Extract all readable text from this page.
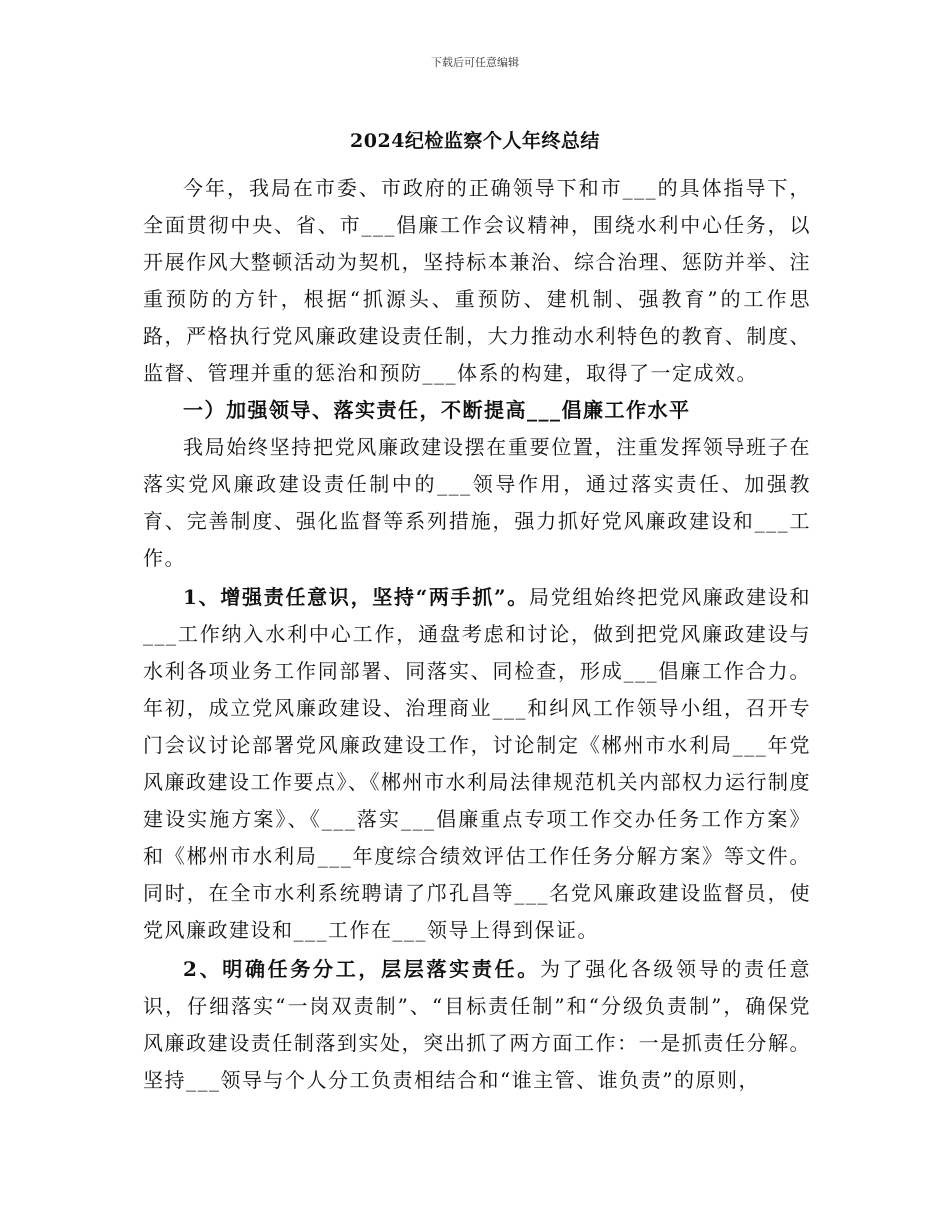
下载后可任意编辑
2024纪检监察个人年终总结

今年，我局在市委、市政府的正确领导下和市___的具体指导下，全面贯彻中央、省、市___倡廉工作会议精神，围绕水利中心任务，以开展作风大整顿活动为契机，坚持标本兼治、综合治理、惩防并举、注重预防的方针，根据“抓源头、重预防、建机制、强教育”的工作思路，严格执行党风廉政建设责任制，大力推动水利特色的教育、制度、监督、管理并重的惩治和预防___体系的构建，取得了一定成效。

一）加强领导、落实责任，不断提高___倡廉工作水平

我局始终坚持把党风廉政建设摆在重要位置，注重发挥领导班子在落实党风廉政建设责任制中的___领导作用，通过落实责任、加强教育、完善制度、强化监督等系列措施，强力抓好党风廉政建设和___工作。

1、增强责任意识，坚持“两手抓”。局党组始终把党风廉政建设和___工作纳入水利中心工作，通盘考虑和讨论，做到把党风廉政建设与水利各项业务工作同部署、同落实、同检查，形成___倡廉工作合力。年初，成立党风廉政建设、治理商业___和纠风工作领导小组，召开专门会议讨论部署党风廉政建设工作，讨论制定《郴州市水利局___年党风廉政建设工作要点》、《郴州市水利局法律规范机关内部权力运行制度建设实施方案》、《___落实___倡廉重点专项工作交办任务工作方案》和《郴州市水利局___年度综合绩效评估工作任务分解方案》等文件。同时，在全市水利系统聘请了邝孔昌等___名党风廉政建设监督员，使党风廉政建设和___工作在___领导上得到保证。

2、明确任务分工，层层落实责任。为了强化各级领导的责任意识，仔细落实“一岗双责制”、“目标责任制”和“分级负责制”，确保党风廉政建设责任制落到实处，突出抓了两方面工作：一是抓责任分解。坚持___领导与个人分工负责相结合和“谁主管、谁负责”的原则，
